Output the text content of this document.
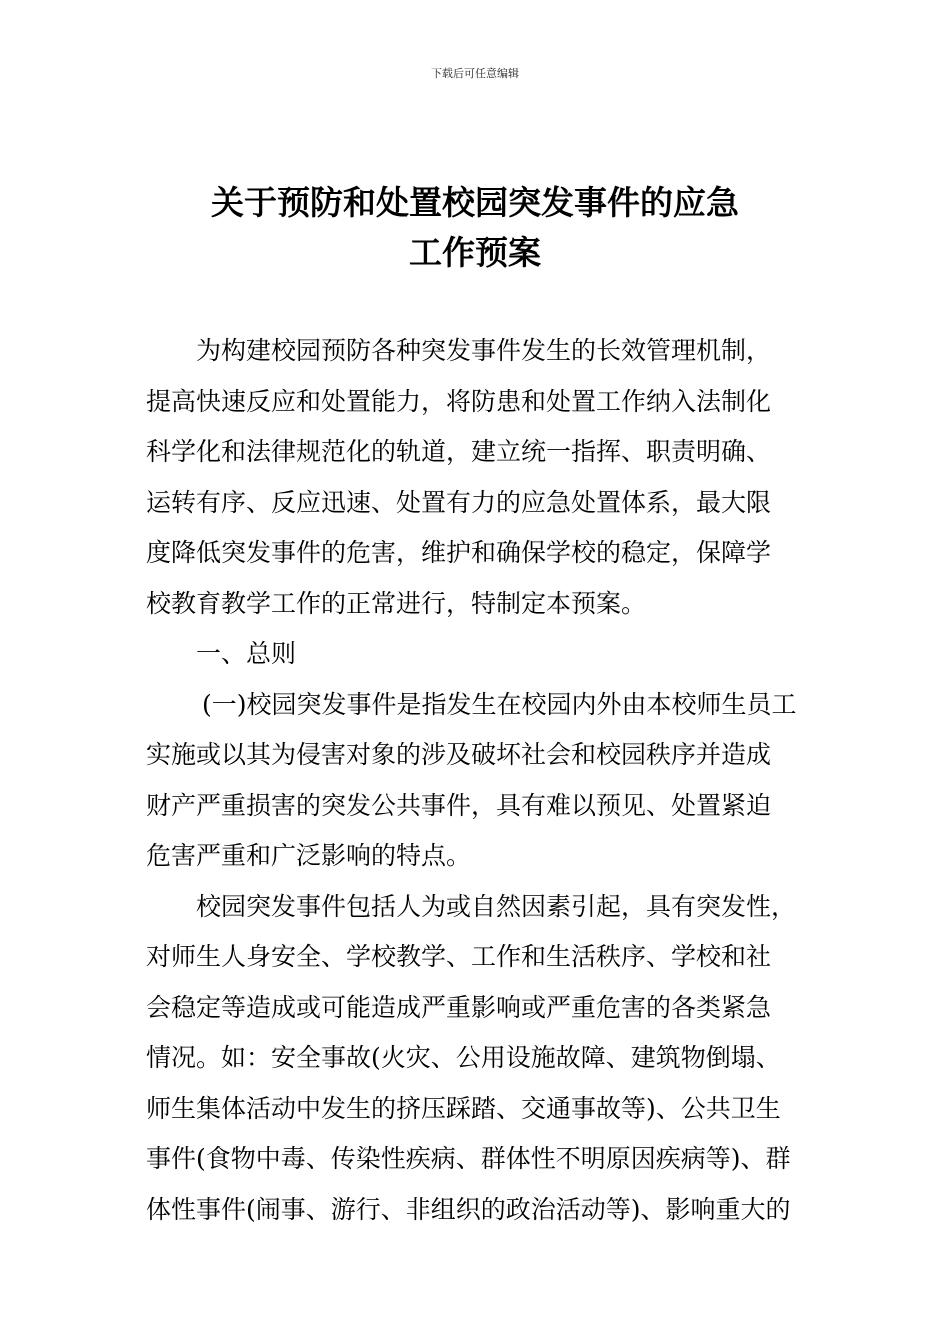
下载后可任意编辑
关于预防和处置校园突发事件的应急
工作预案
为构建校园预防各种突发事件发生的长效管理机制，
提高快速反应和处置能力，将防患和处置工作纳入法制化
科学化和法律规范化的轨道，建立统一指挥、职责明确、
运转有序、反应迅速、处置有力的应急处置体系，最大限
度降低突发事件的危害，维护和确保学校的稳定，保障学
校教育教学工作的正常进行，特制定本预案。
一、总则
(一)校园突发事件是指发生在校园内外由本校师生员工
实施或以其为侵害对象的涉及破坏社会和校园秩序并造成
财产严重损害的突发公共事件，具有难以预见、处置紧迫
危害严重和广泛影响的特点。
校园突发事件包括人为或自然因素引起，具有突发性，
对师生人身安全、学校教学、工作和生活秩序、学校和社
会稳定等造成或可能造成严重影响或严重危害的各类紧急
情况。如：安全事故(火灾、公用设施故障、建筑物倒塌、
师生集体活动中发生的挤压踩踏、交通事故等)、公共卫生
事件(食物中毒、传染性疾病、群体性不明原因疾病等)、群
体性事件(闹事、游行、非组织的政治活动等)、影响重大的
